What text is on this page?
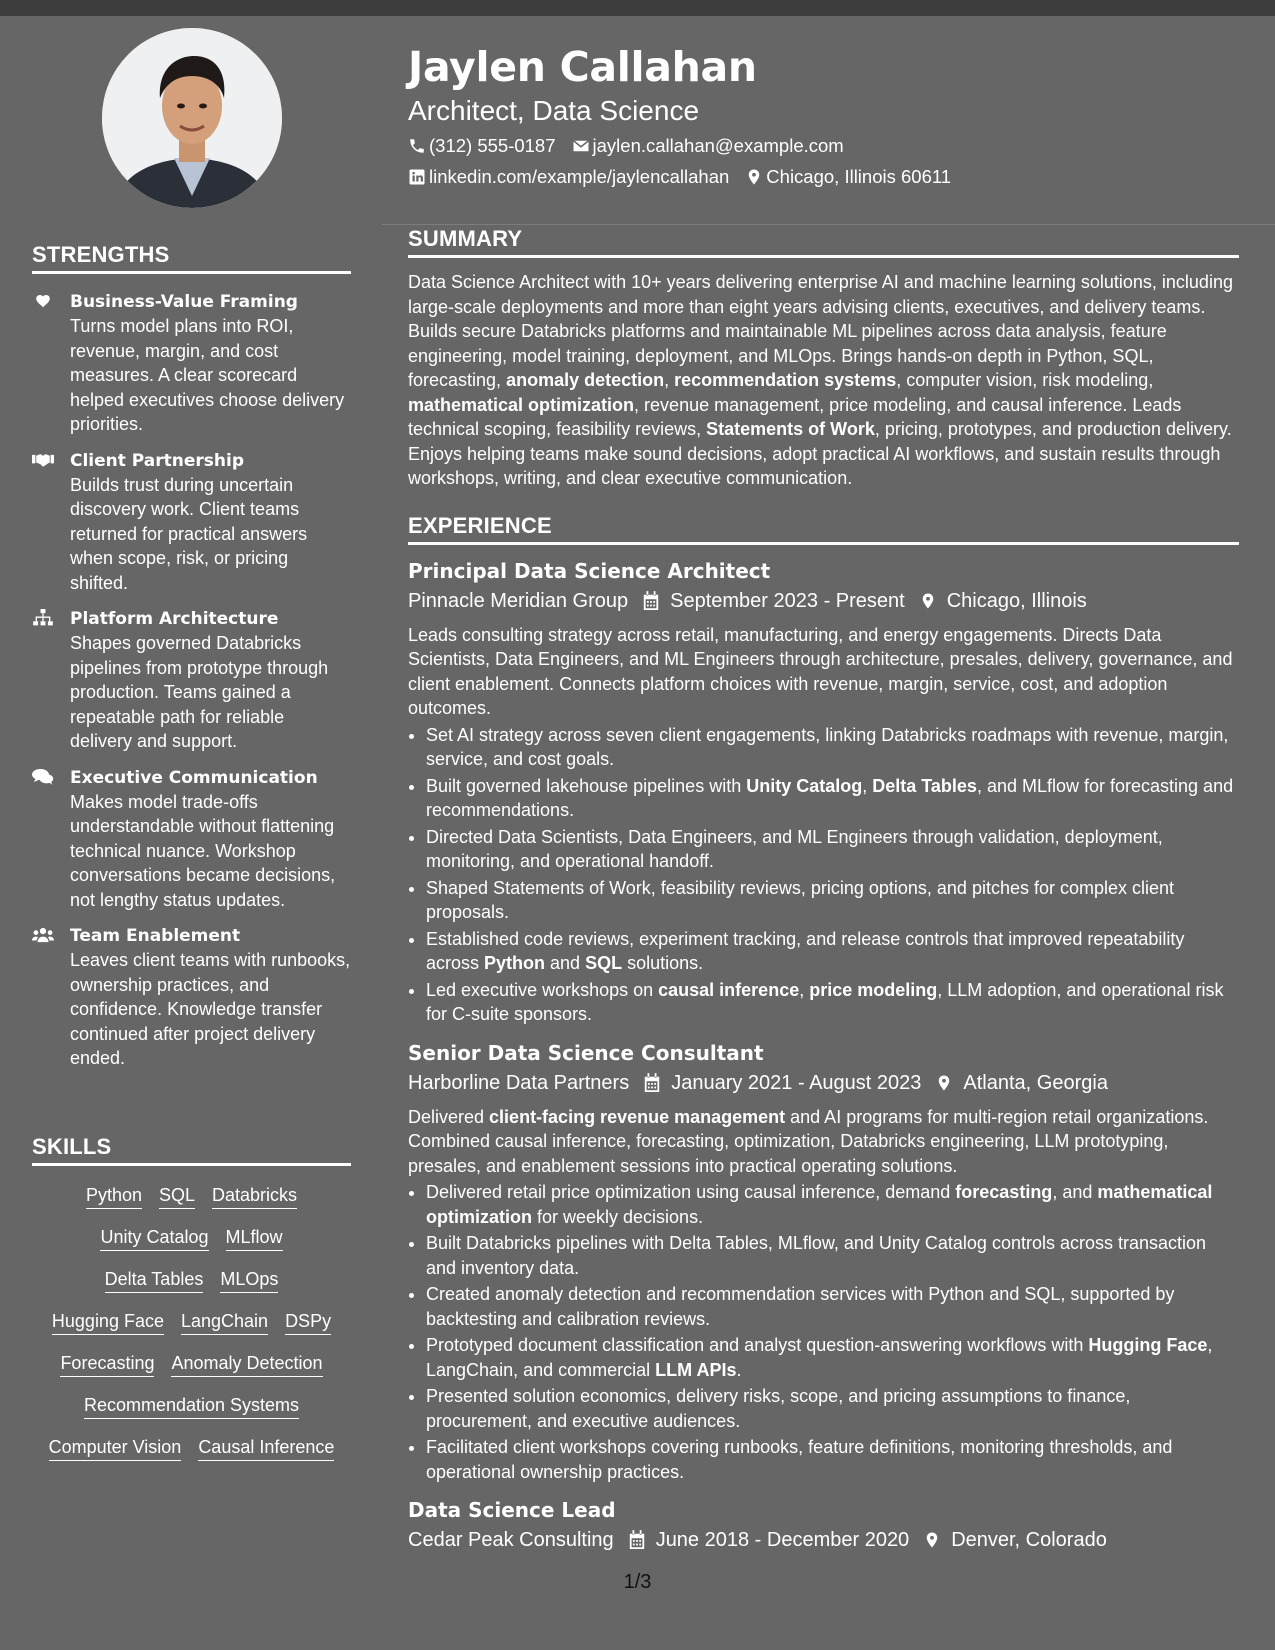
STRENGTHS
Business-Value Framing
Turns model plans into ROI, revenue, margin, and cost measures. A clear scorecard helped executives choose delivery priorities.
Client Partnership
Builds trust during uncertain discovery work. Client teams returned for practical answers when scope, risk, or pricing shifted.
Platform Architecture
Shapes governed Databricks pipelines from prototype through production. Teams gained a repeatable path for reliable delivery and support.
Executive Communication
Makes model trade-offs understandable without flattening technical nuance. Workshop conversations became decisions, not lengthy status updates.
Team Enablement
Leaves client teams with runbooks, ownership practices, and confidence. Knowledge transfer continued after project delivery ended.
SKILLS
Python SQL Databricks
Unity Catalog MLflow
Delta Tables MLOps
Hugging Face LangChain DSPy
Forecasting Anomaly Detection
Recommendation Systems
Computer Vision Causal Inference
Jaylen Callahan
Architect, Data Science
(312) 555-0187 jaylen.callahan@example.com
linkedin.com/example/jaylencallahan Chicago, Illinois 60611
SUMMARY

Data Science Architect with 10+ years delivering enterprise AI and machine learning solutions, including large-scale deployments and more than eight years advising clients, executives, and delivery teams. Builds secure Databricks platforms and maintainable ML pipelines across data analysis, feature engineering, model training, deployment, and MLOps. Brings hands-on depth in Python, SQL, forecasting, anomaly detection, recommendation systems, computer vision, risk modeling, mathematical optimization, revenue management, price modeling, and causal inference. Leads technical scoping, feasibility reviews, Statements of Work, pricing, prototypes, and production delivery. Enjoys helping teams make sound decisions, adopt practical AI workflows, and sustain results through workshops, writing, and clear executive communication.

EXPERIENCE
Principal Data Science Architect
Pinnacle Meridian Group September 2023 - Present Chicago, Illinois

Leads consulting strategy across retail, manufacturing, and energy engagements. Directs Data Scientists, Data Engineers, and ML Engineers through architecture, presales, delivery, governance, and client enablement. Connects platform choices with revenue, margin, service, cost, and adoption outcomes.

• Set AI strategy across seven client engagements, linking Databricks roadmaps with revenue, margin, service, and cost goals.
• Built governed lakehouse pipelines with Unity Catalog, Delta Tables, and MLflow for forecasting and recommendations.
• Directed Data Scientists, Data Engineers, and ML Engineers through validation, deployment, monitoring, and operational handoff.
• Shaped Statements of Work, feasibility reviews, pricing options, and pitches for complex client proposals.
• Established code reviews, experiment tracking, and release controls that improved repeatability across Python and SQL solutions.
• Led executive workshops on causal inference, price modeling, LLM adoption, and operational risk for C-suite sponsors.
Senior Data Science Consultant
Harborline Data Partners January 2021 - August 2023 Atlanta, Georgia

Delivered client-facing revenue management and AI programs for multi-region retail organizations. Combined causal inference, forecasting, optimization, Databricks engineering, LLM prototyping, presales, and enablement sessions into practical operating solutions.

• Delivered retail price optimization using causal inference, demand forecasting, and mathematical optimization for weekly decisions.
• Built Databricks pipelines with Delta Tables, MLflow, and Unity Catalog controls across transaction and inventory data.
• Created anomaly detection and recommendation services with Python and SQL, supported by backtesting and calibration reviews.
• Prototyped document classification and analyst question-answering workflows with Hugging Face, LangChain, and commercial LLM APIs.
• Presented solution economics, delivery risks, scope, and pricing assumptions to finance, procurement, and executive audiences.
• Facilitated client workshops covering runbooks, feature definitions, monitoring thresholds, and operational ownership practices.
Data Science Lead
Cedar Peak Consulting June 2018 - December 2020 Denver, Colorado
1/3
